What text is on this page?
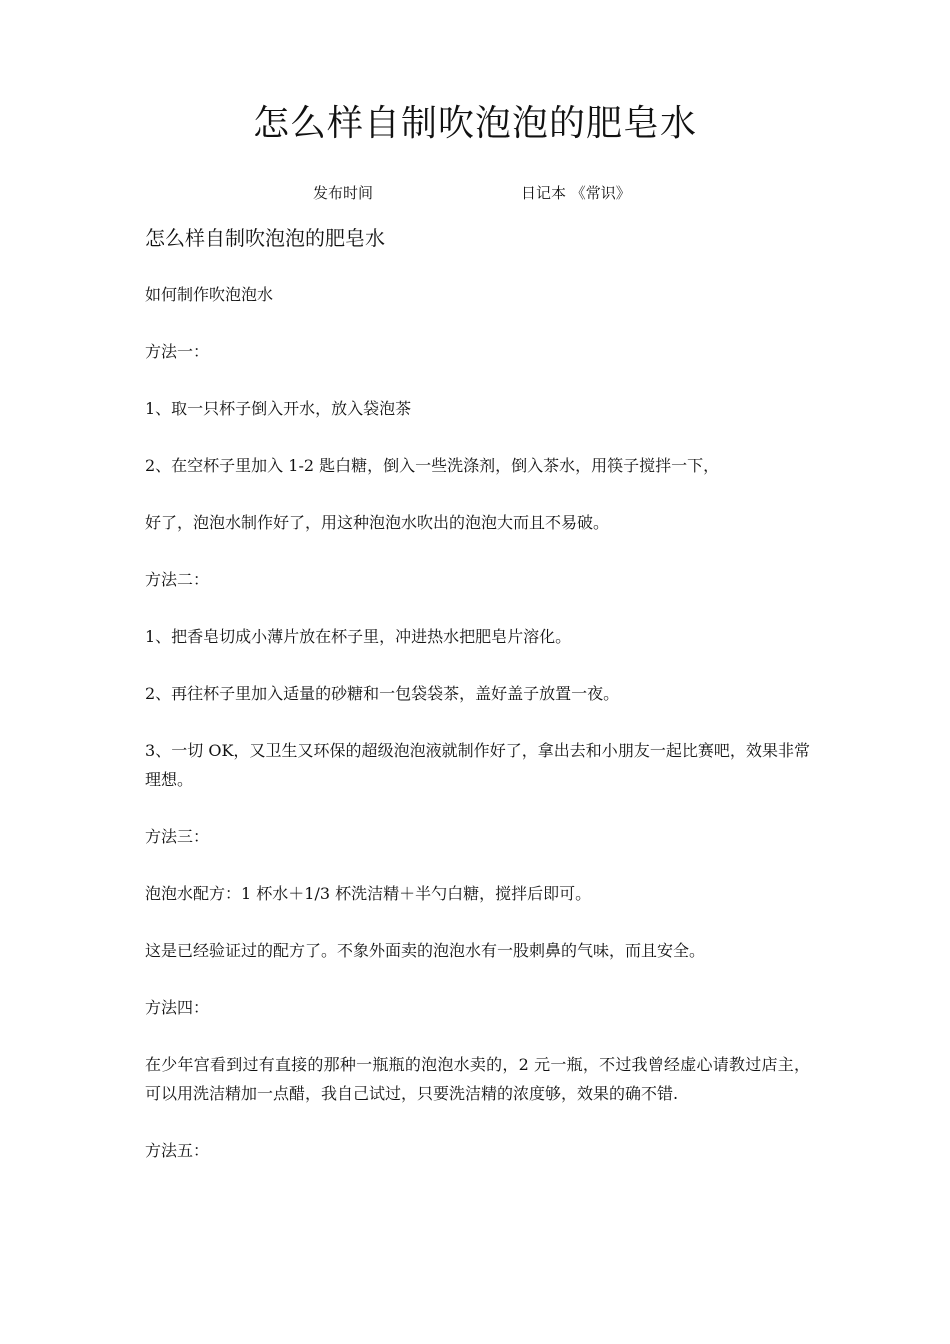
怎么样自制吹泡泡的肥皂水
发布时间	日记本 《常识》
怎么样自制吹泡泡的肥皂水

如何制作吹泡泡水

方法一：

1、取一只杯子倒入开水，放入袋泡茶

2、在空杯子里加入 1-2 匙白糖，倒入一些洗涤剂，倒入茶水，用筷子搅拌一下，

好了，泡泡水制作好了，用这种泡泡水吹出的泡泡大而且不易破。

方法二：

1、把香皂切成小薄片放在杯子里，冲进热水把肥皂片溶化。

2、再往杯子里加入适量的砂糖和一包袋袋茶，盖好盖子放置一夜。

3、一切 OK，又卫生又环保的超级泡泡液就制作好了，拿出去和小朋友一起比赛吧，效果非常理想。

方法三：

泡泡水配方：1 杯水＋1/3 杯洗洁精＋半勺白糖，搅拌后即可。

这是已经验证过的配方了。不象外面卖的泡泡水有一股刺鼻的气味，而且安全。

方法四：

在少年宫看到过有直接的那种一瓶瓶的泡泡水卖的，2 元一瓶，不过我曾经虚心请教过店主，可以用洗洁精加一点醋，我自己试过，只要洗洁精的浓度够，效果的确不错.

方法五：
